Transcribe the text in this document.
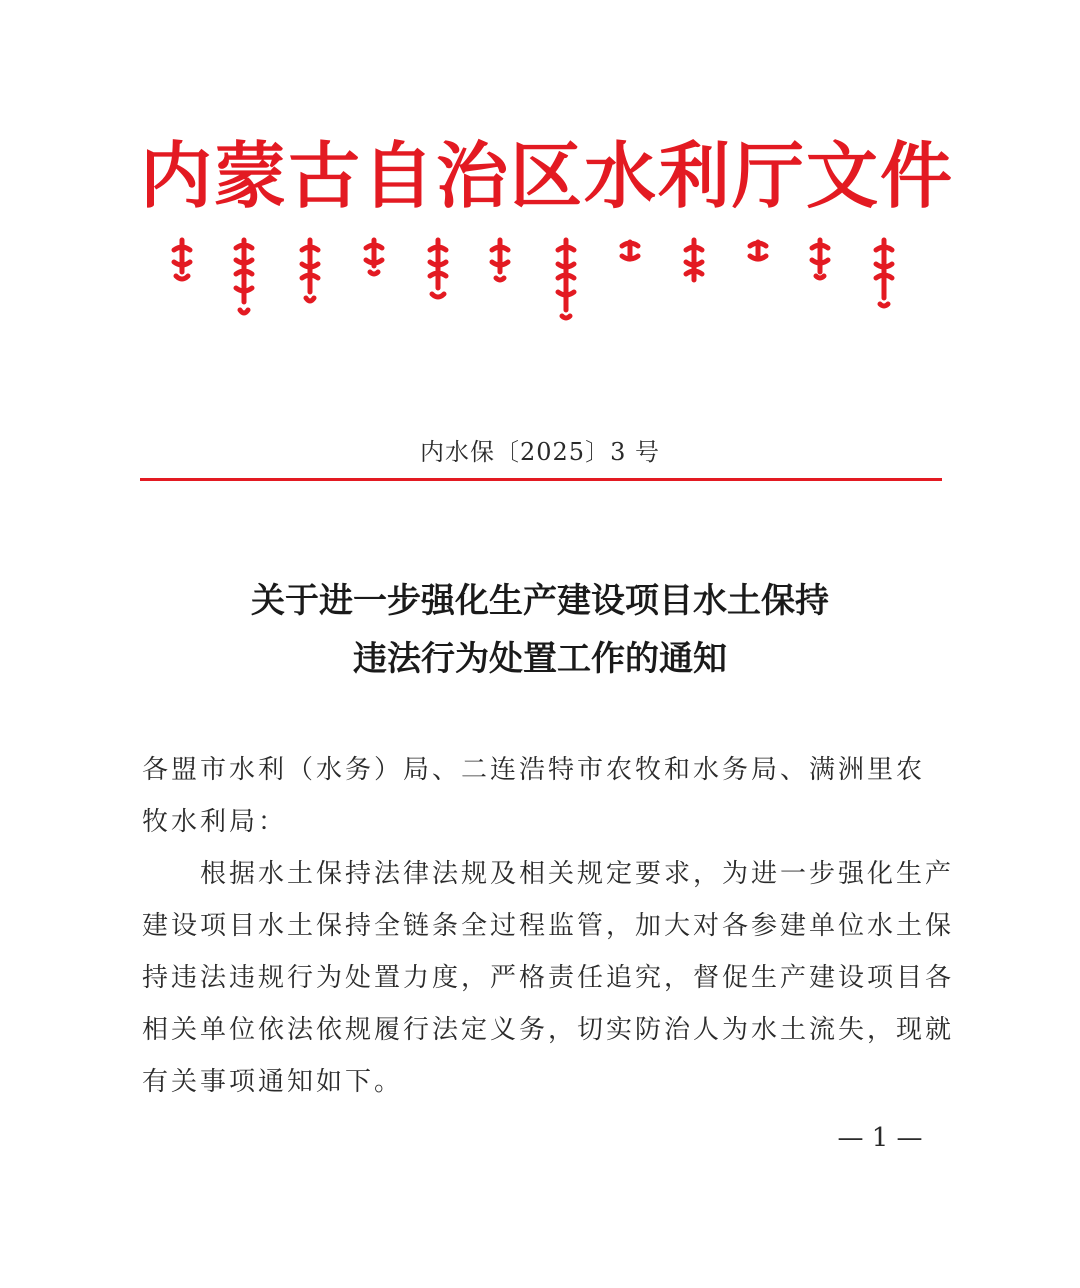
内蒙古自治区水利厅文件
内水保〔2025〕3 号
关于进一步强化生产建设项目水土保持
违法行为处置工作的通知
各盟市水利（水务）局、二连浩特市农牧和水务局、满洲里农
牧水利局：
　　根据水土保持法律法规及相关规定要求，为进一步强化生产
建设项目水土保持全链条全过程监管，加大对各参建单位水土保
持违法违规行为处置力度，严格责任追究，督促生产建设项目各
相关单位依法依规履行法定义务，切实防治人为水土流失，现就
有关事项通知如下。
— 1 —
